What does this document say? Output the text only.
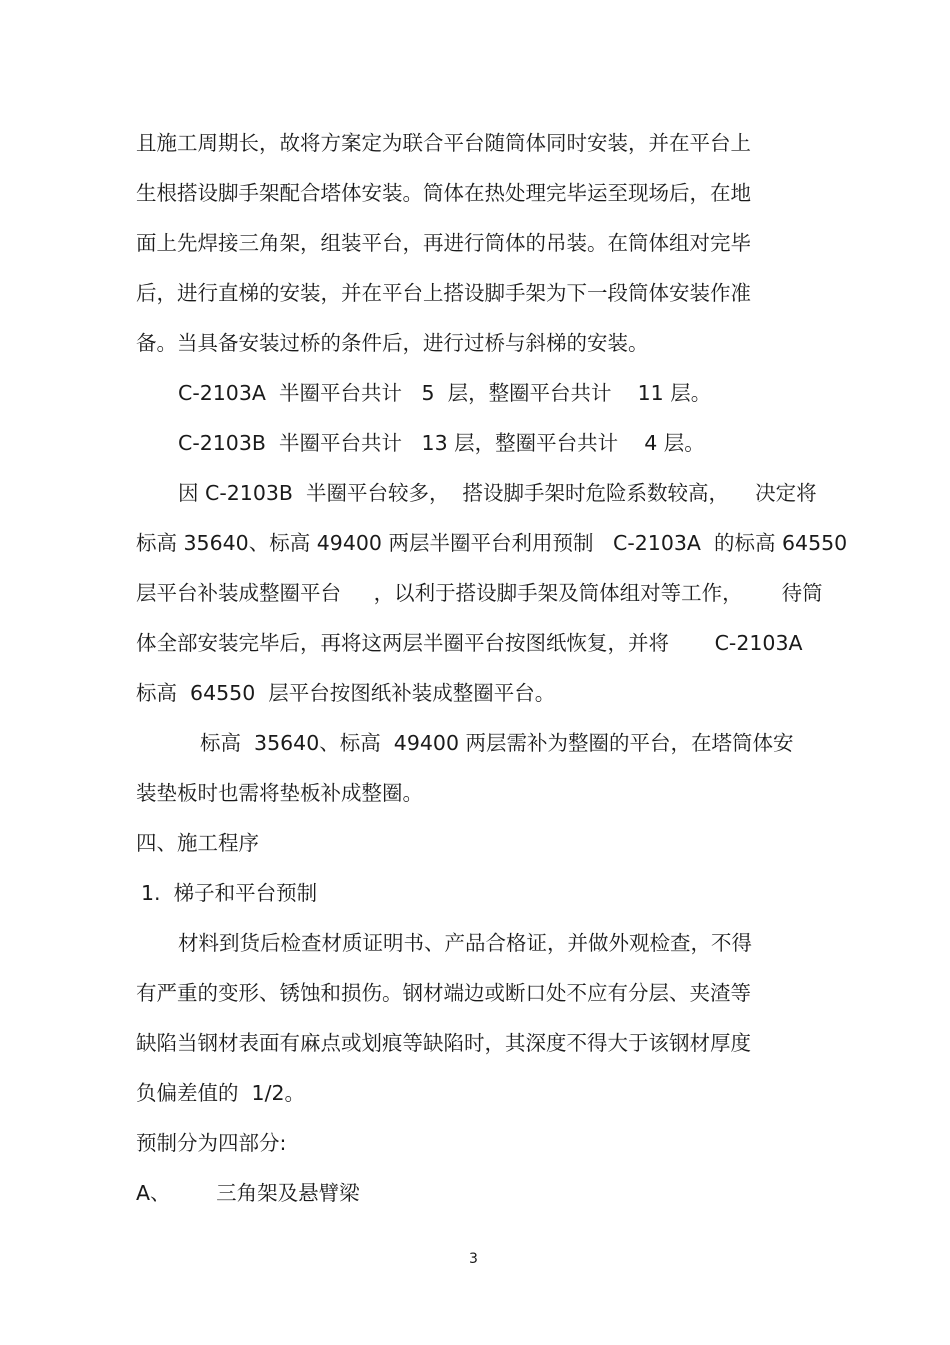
且施工周期长，故将方案定为联合平台随筒体同时安装，并在平台上
生根搭设脚手架配合塔体安装。筒体在热处理完毕运至现场后，在地
面上先焊接三角架，组装平台，再进行筒体的吊装。在筒体组对完毕
后，进行直梯的安装，并在平台上搭设脚手架为下一段筒体安装作准
备。当具备安装过桥的条件后，进行过桥与斜梯的安装。
C-2103A  半圈平台共计   5  层，整圈平台共计    11 层。
C-2103B  半圈平台共计   13 层，整圈平台共计    4 层。
因 C-2103B  半圈平台较多，  搭设脚手架时危险系数较高，    决定将
标高 35640、标高 49400 两层半圈平台利用预制   C-2103A  的标高 64550
层平台补装成整圈平台     ，以利于搭设脚手架及筒体组对等工作，      待筒
体全部安装完毕后，再将这两层半圈平台按图纸恢复，并将       C-2103A
标高  64550  层平台按图纸补装成整圈平台。
标高  35640、标高  49400 两层需补为整圈的平台，在塔筒体安
装垫板时也需将垫板补成整圈。
四、施工程序
1.  梯子和平台预制
材料到货后检查材质证明书、产品合格证，并做外观检查，不得
有严重的变形、锈蚀和损伤。钢材端边或断口处不应有分层、夹渣等
缺陷当钢材表面有麻点或划痕等缺陷时，其深度不得大于该钢材厚度
负偏差值的  1/2。
预制分为四部分:
A、       三角架及悬臂梁
3
